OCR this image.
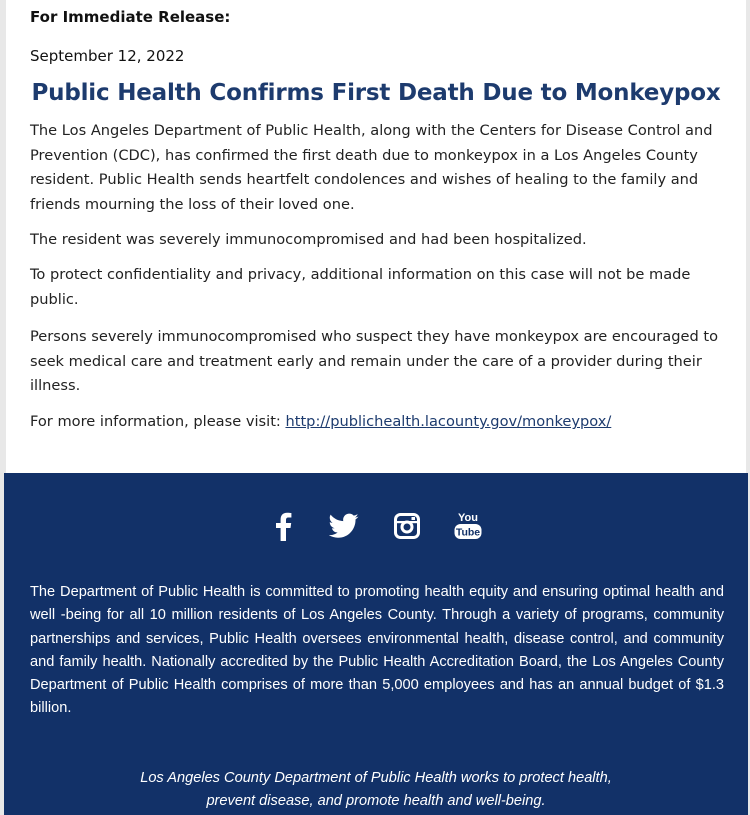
For Immediate Release:
September 12, 2022
Public Health Confirms First Death Due to Monkeypox

The Los Angeles Department of Public Health, along with the Centers for Disease Control and Prevention (CDC), has confirmed the first death due to monkeypox in a Los Angeles County resident. Public Health sends heartfelt condolences and wishes of healing to the family and friends mourning the loss of their loved one.

The resident was severely immunocompromised and had been hospitalized.

To protect confidentiality and privacy, additional information on this case will not be made public.

Persons severely immunocompromised who suspect they have monkeypox are encouraged to seek medical care and treatment early and remain under the care of a provider during their illness.

For more information, please visit: http://publichealth.lacounty.gov/monkeypox/

You
Tube

The Department of Public Health is committed to promoting health equity and ensuring optimal health and well -being for all 10 million residents of Los Angeles County. Through a variety of programs, community partnerships and services, Public Health oversees environmental health, disease control, and community and family health. Nationally accredited by the Public Health Accreditation Board, the Los Angeles County Department of Public Health comprises of more than 5,000 employees and has an annual budget of $1.3 billion.

Los Angeles County Department of Public Health works to protect health,
prevent disease, and promote health and well-being.
